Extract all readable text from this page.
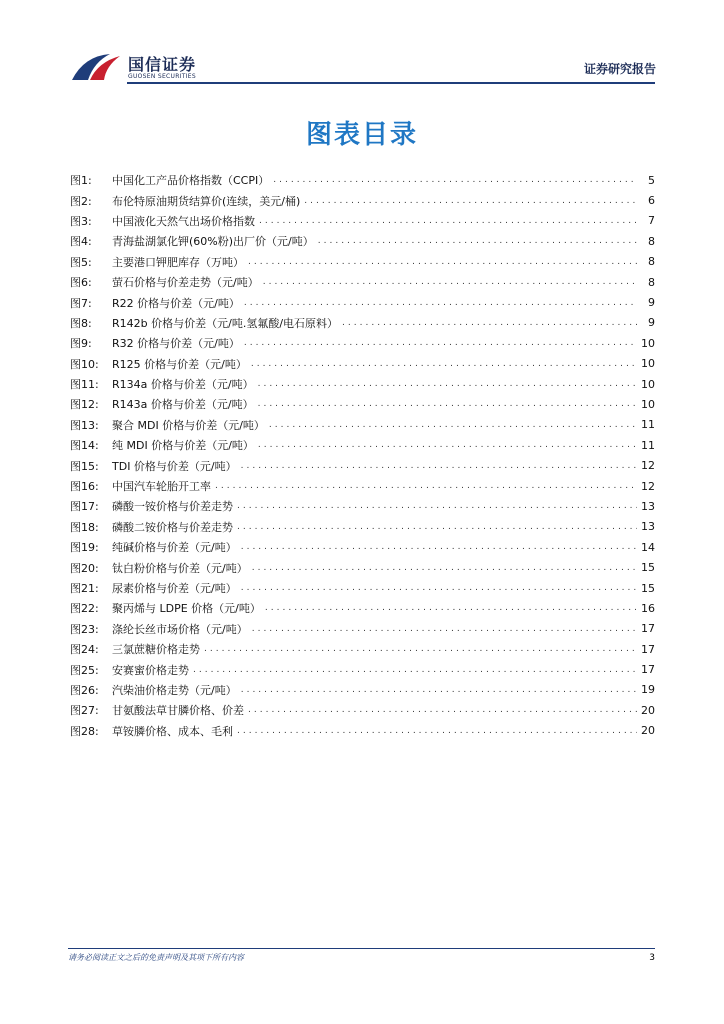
国信证券
GUOSEN SECURITIES
证券研究报告
图表目录
图1:	中国化工产品价格指数（CCPI） .....	5
图2:	布伦特原油期货结算价(连续，美元/桶) .....	6
图3:	中国液化天然气出场价格指数 .....	7
图4:	青海盐湖氯化钾(60%粉)出厂价（元/吨） .....	8
图5:	主要港口钾肥库存（万吨） .....	8
图6:	萤石价格与价差走势（元/吨） .....	8
图7:	R22 价格与价差（元/吨） .....	9
图8:	R142b 价格与价差（元/吨.氢氟酸/电石原料） .....	9
图9:	R32 价格与价差（元/吨） .....	10
图10:	R125 价格与价差（元/吨） .....	10
图11:	R134a 价格与价差（元/吨） .....	10
图12:	R143a 价格与价差（元/吨） .....	10
图13:	聚合 MDI 价格与价差（元/吨） .....	11
图14:	纯 MDI 价格与价差（元/吨） .....	11
图15:	TDI 价格与价差（元/吨） .....	12
图16:	中国汽车轮胎开工率 .....	12
图17:	磷酸一铵价格与价差走势 .....	13
图18:	磷酸二铵价格与价差走势 .....	13
图19:	纯碱价格与价差（元/吨） .....	14
图20:	钛白粉价格与价差（元/吨） .....	15
图21:	尿素价格与价差（元/吨） .....	15
图22:	聚丙烯与 LDPE 价格（元/吨） .....	16
图23:	涤纶长丝市场价格（元/吨） .....	17
图24:	三氯蔗糖价格走势 .....	17
图25:	安赛蜜价格走势 .....	17
图26:	汽柴油价格走势（元/吨） .....	19
图27:	甘氨酸法草甘膦价格、价差 .....	20
图28:	草铵膦价格、成本、毛利 .....	20
请务必阅读正文之后的免责声明及其项下所有内容	3
